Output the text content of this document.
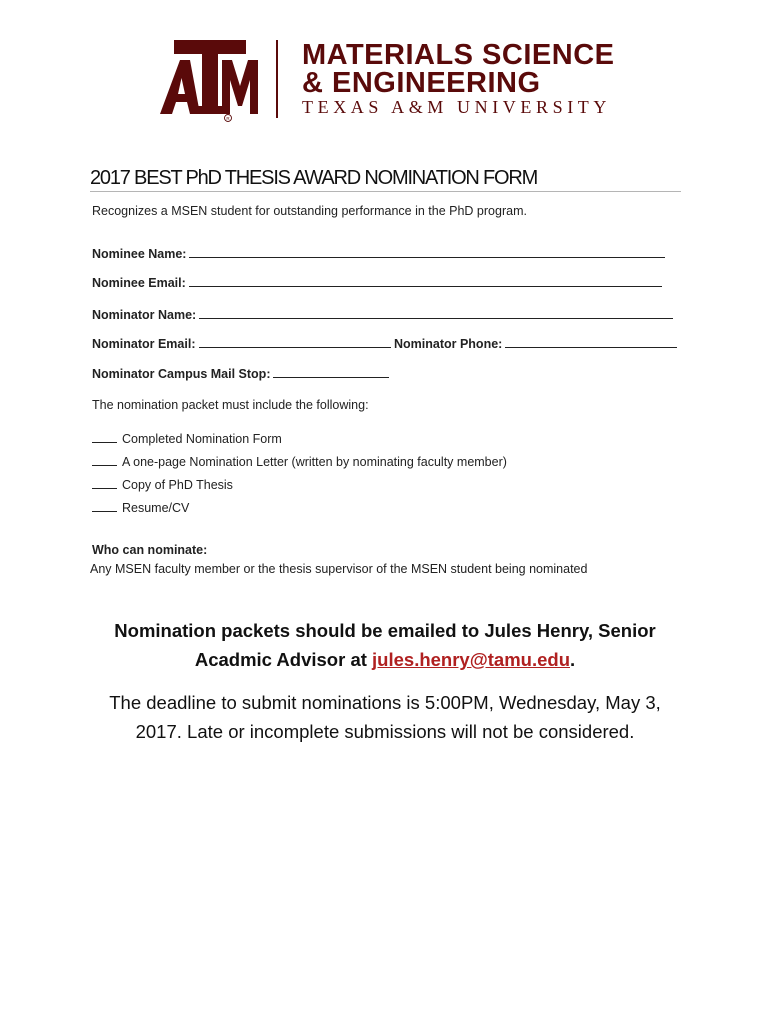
R
MATERIALS SCIENCE
& ENGINEERING
TEXAS A&M UNIVERSITY
2017 BEST PhD THESIS AWARD NOMINATION FORM
Recognizes a MSEN student for outstanding performance in the PhD program.
Nominee Name:
Nominee Email:
Nominator Name:
Nominator Email:	Nominator Phone:
Nominator Campus Mail Stop:
The nomination packet must include the following:
Completed Nomination Form
A one-page Nomination Letter (written by nominating faculty member)
Copy of PhD Thesis
Resume/CV
Who can nominate:
Any MSEN faculty member or the thesis supervisor of the MSEN student being nominated
Nomination packets should be emailed to Jules Henry, Senior
Acadmic Advisor at jules.henry@tamu.edu.
The deadline to submit nominations is 5:00PM, Wednesday, May 3,
2017. Late or incomplete submissions will not be considered.
